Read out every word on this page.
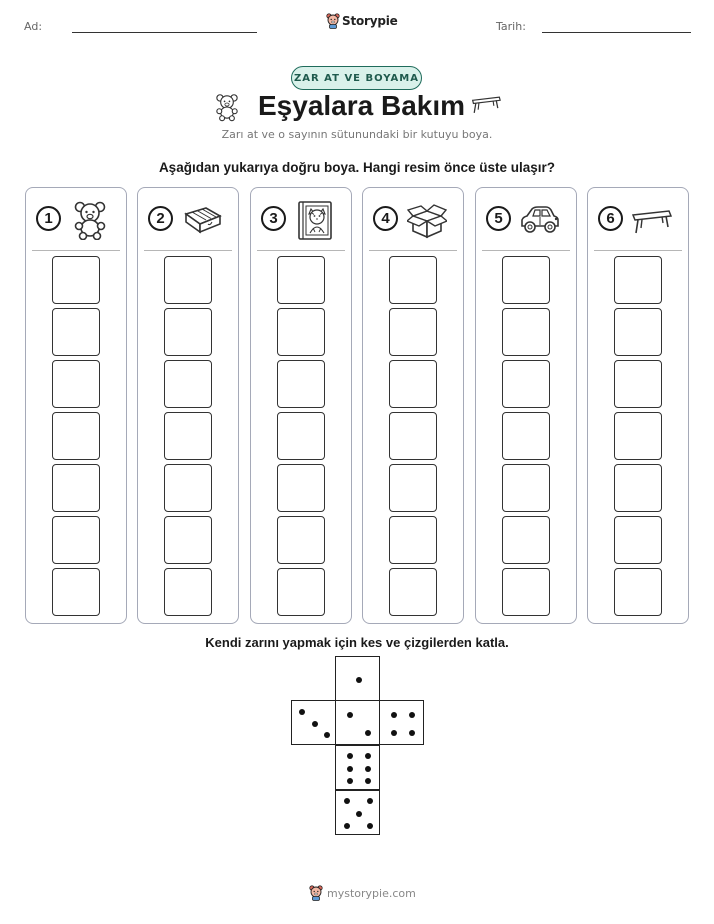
Ad:	Storypie	Tarih:
ZAR AT VE BOYAMA
Eşyalara Bakım
Zarı at ve o sayının sütunundaki bir kutuyu boya.
Aşağıdan yukarıya doğru boya. Hangi resim önce üste ulaşır?
1	2	3	4	5	6
Kendi zarını yapmak için kes ve çizgilerden katla.
mystorypie.com
